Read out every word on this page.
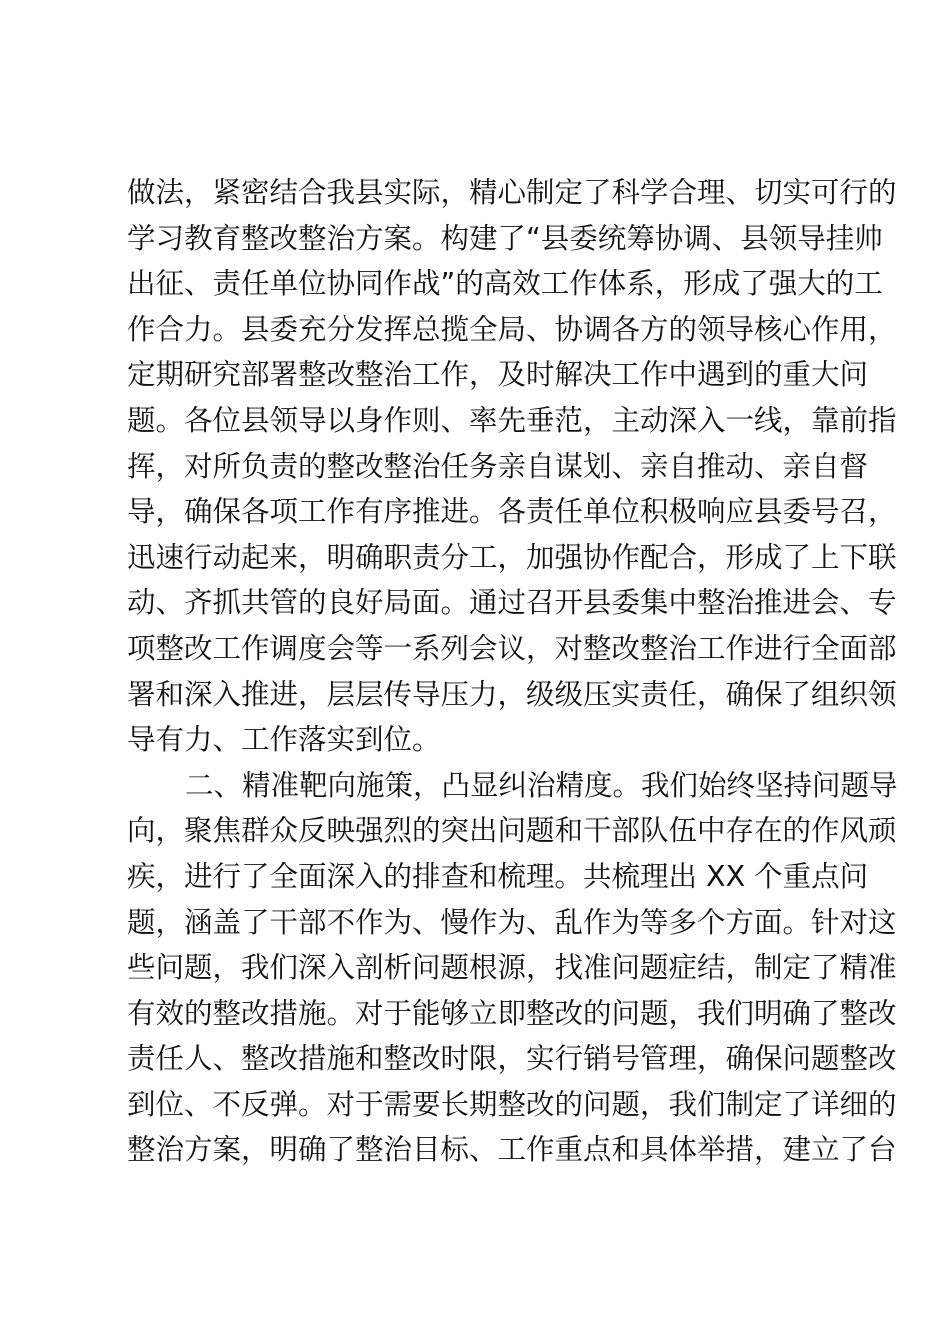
做法，紧密结合我县实际，精心制定了科学合理、切实可行的
学习教育整改整治方案。构建了“县委统筹协调、县领导挂帅
出征、责任单位协同作战”的高效工作体系，形成了强大的工
作合力。县委充分发挥总揽全局、协调各方的领导核心作用，
定期研究部署整改整治工作，及时解决工作中遇到的重大问
题。各位县领导以身作则、率先垂范，主动深入一线，靠前指
挥，对所负责的整改整治任务亲自谋划、亲自推动、亲自督
导，确保各项工作有序推进。各责任单位积极响应县委号召，
迅速行动起来，明确职责分工，加强协作配合，形成了上下联
动、齐抓共管的良好局面。通过召开县委集中整治推进会、专
项整改工作调度会等一系列会议，对整改整治工作进行全面部
署和深入推进，层层传导压力，级级压实责任，确保了组织领
导有力、工作落实到位。
二、精准靶向施策，凸显纠治精度。我们始终坚持问题导
向，聚焦群众反映强烈的突出问题和干部队伍中存在的作风顽
疾，进行了全面深入的排查和梳理。共梳理出 XX 个重点问
题，涵盖了干部不作为、慢作为、乱作为等多个方面。针对这
些问题，我们深入剖析问题根源，找准问题症结，制定了精准
有效的整改措施。对于能够立即整改的问题，我们明确了整改
责任人、整改措施和整改时限，实行销号管理，确保问题整改
到位、不反弹。对于需要长期整改的问题，我们制定了详细的
整治方案，明确了整治目标、工作重点和具体举措，建立了台
